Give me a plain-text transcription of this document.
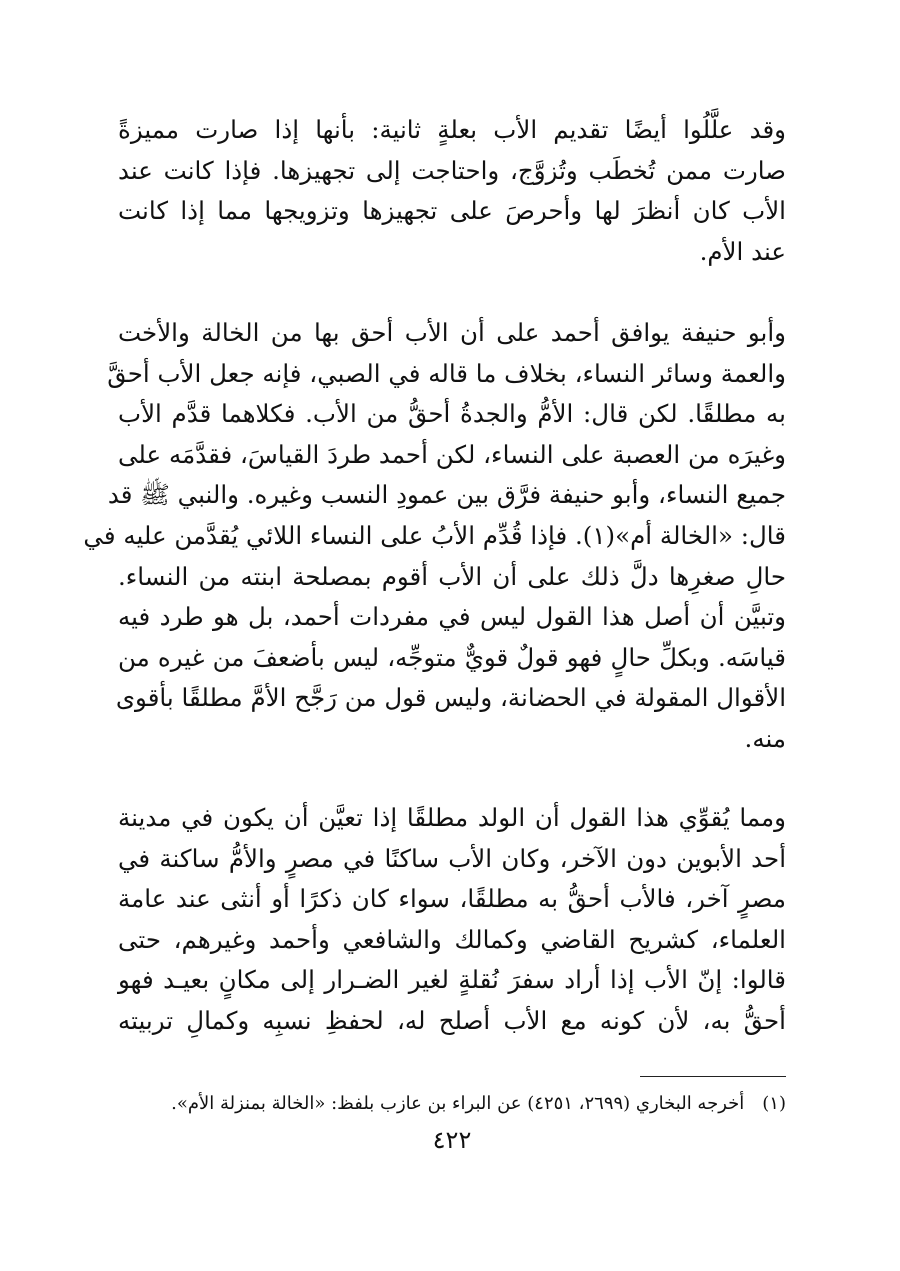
وقد علَّلُوا أيضًا تقديم الأب بعلةٍ ثانية: بأنها إذا صارت مميزةً
صارت ممن تُخطَب وتُزوَّج، واحتاجت إلى تجهيزها. فإذا كانت عند
الأب كان أنظرَ لها وأحرصَ على تجهيزها وتزويجها مما إذا كانت
عند الأم.

وأبو حنيفة يوافق أحمد على أن الأب أحق بها من الخالة والأخت
والعمة وسائر النساء، بخلاف ما قاله في الصبي، فإنه جعل الأب أحقَّ
به مطلقًا. لكن قال: الأمُّ والجدةُ أحقُّ من الأب. فكلاهما قدَّم الأب
وغيرَه من العصبة على النساء، لكن أحمد طردَ القياسَ، فقدَّمَه على
جميع النساء، وأبو حنيفة فرَّق بين عمودِ النسب وغيره. والنبي ﷺ قد
قال: «الخالة أم»(١). فإذا قُدِّم الأبُ على النساء اللائي يُقدَّمن عليه في
حالِ صغرِها دلَّ ذلك على أن الأب أقوم بمصلحة ابنته من النساء.
وتبيَّن أن أصل هذا القول ليس في مفردات أحمد، بل هو طرد فيه
قياسَه. وبكلِّ حالٍ فهو قولٌ قويٌّ متوجِّه، ليس بأضعفَ من غيره من
الأقوال المقولة في الحضانة، وليس قول من رَجَّح الأمَّ مطلقًا بأقوى
منه.

ومما يُقوِّي هذا القول أن الولد مطلقًا إذا تعيَّن أن يكون في مدينة
أحد الأبوين دون الآخر، وكان الأب ساكنًا في مصرٍ والأمُّ ساكنة في
مصرٍ آخر، فالأب أحقُّ به مطلقًا، سواء كان ذكرًا أو أنثى عند عامة
العلماء، كشريح القاضي وكمالك والشافعي وأحمد وغيرهم، حتى
قالوا: إنّ الأب إذا أراد سفرَ نُقلةٍ لغير الضـرار إلى مكانٍ بعيـد فهو
أحقُّ به، لأن كونه مع الأب أصلح له، لحفظِ نسبِه وكمالِ تربيته

(١)أخرجه البخاري (٢٦٩٩، ٤٢٥١) عن البراء بن عازب بلفظ: «الخالة بمنزلة الأم».
٤٢٢
